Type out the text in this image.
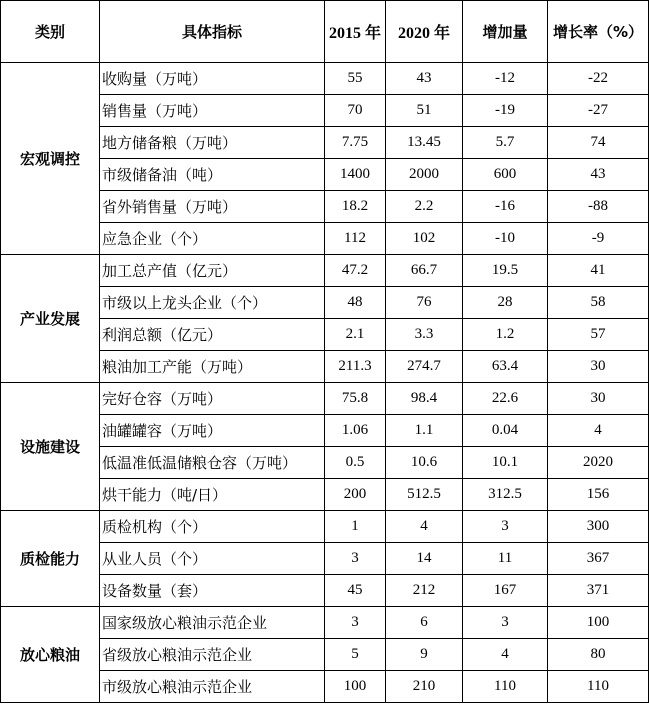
类别	具体指标	2015 年	2020 年	增加量	增长率（%）
宏观调控	收购量（万吨）	55	43	-12	-22
	销售量（万吨）	70	51	-19	-27
	地方储备粮（万吨）	7.75	13.45	5.7	74
	市级储备油（吨）	1400	2000	600	43
	省外销售量（万吨）	18.2	2.2	-16	-88
	应急企业（个）	112	102	-10	-9
产业发展	加工总产值（亿元）	47.2	66.7	19.5	41
	市级以上龙头企业（个）	48	76	28	58
	利润总额（亿元）	2.1	3.3	1.2	57
	粮油加工产能（万吨）	211.3	274.7	63.4	30
设施建设	完好仓容（万吨）	75.8	98.4	22.6	30
	油罐罐容（万吨）	1.06	1.1	0.04	4
	低温准低温储粮仓容（万吨）	0.5	10.6	10.1	2020
	烘干能力（吨/日）	200	512.5	312.5	156
质检能力	质检机构（个）	1	4	3	300
	从业人员（个）	3	14	11	367
	设备数量（套）	45	212	167	371
放心粮油	国家级放心粮油示范企业	3	6	3	100
	省级放心粮油示范企业	5	9	4	80
	市级放心粮油示范企业	100	210	110	110
